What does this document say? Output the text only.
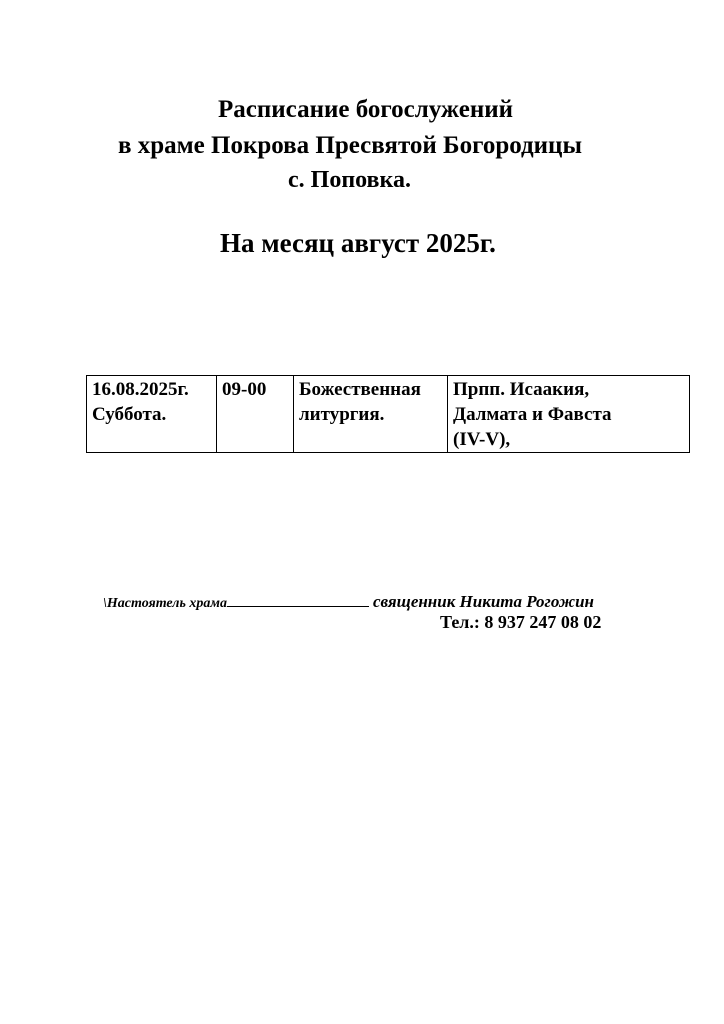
Расписание богослужений
в храме Покрова Пресвятой Богородицы
с. Поповка.
На месяц август 2025г.
16.08.2025г.
Суббота.
09-00	Божественная
литургия.
Прпп. Исаакия,
Далмата и Фавста
(IV-V),
\Настоятель храма	священник Никита Рогожин
Тел.: 8 937 247 08 02
